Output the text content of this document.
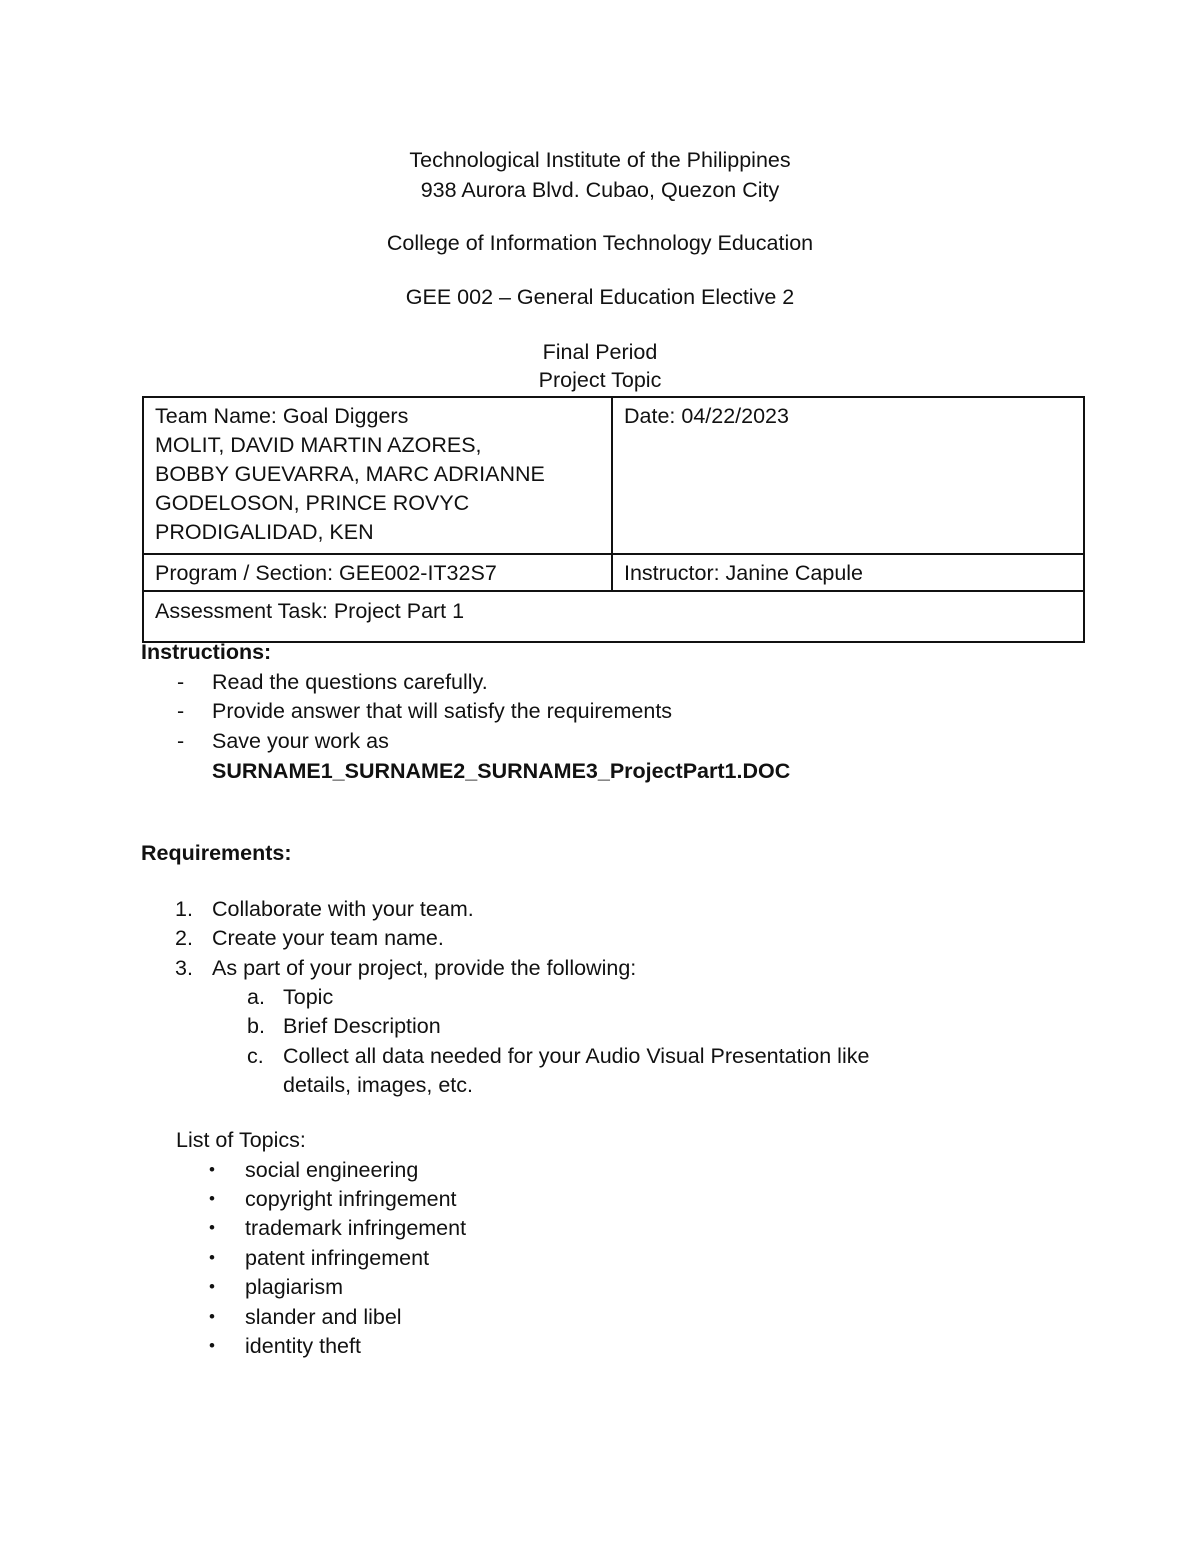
Technological Institute of the Philippines
938 Aurora Blvd. Cubao, Quezon City
College of Information Technology Education
GEE 002 – General Education Elective 2
Final Period
Project Topic
Team Name: Goal Diggers
MOLIT, DAVID MARTIN AZORES,
BOBBY GUEVARRA, MARC ADRIANNE
GODELOSON, PRINCE ROVYC
PRODIGALIDAD, KEN	Date: 04/22/2023
Program / Section: GEE002-IT32S7	Instructor: Janine Capule
Assessment Task: Project Part 1	
Instructions:
- Read the questions carefully.
- Provide answer that will satisfy the requirements
- Save your work as
SURNAME1_SURNAME2_SURNAME3_ProjectPart1.DOC
Requirements:
1. Collaborate with your team.
2. Create your team name.
3. As part of your project, provide the following:
a. Topic
b. Brief Description
c. Collect all data needed for your Audio Visual Presentation like
details, images, etc.
List of Topics:
• social engineering
• copyright infringement
• trademark infringement
• patent infringement
• plagiarism
• slander and libel
• identity theft
